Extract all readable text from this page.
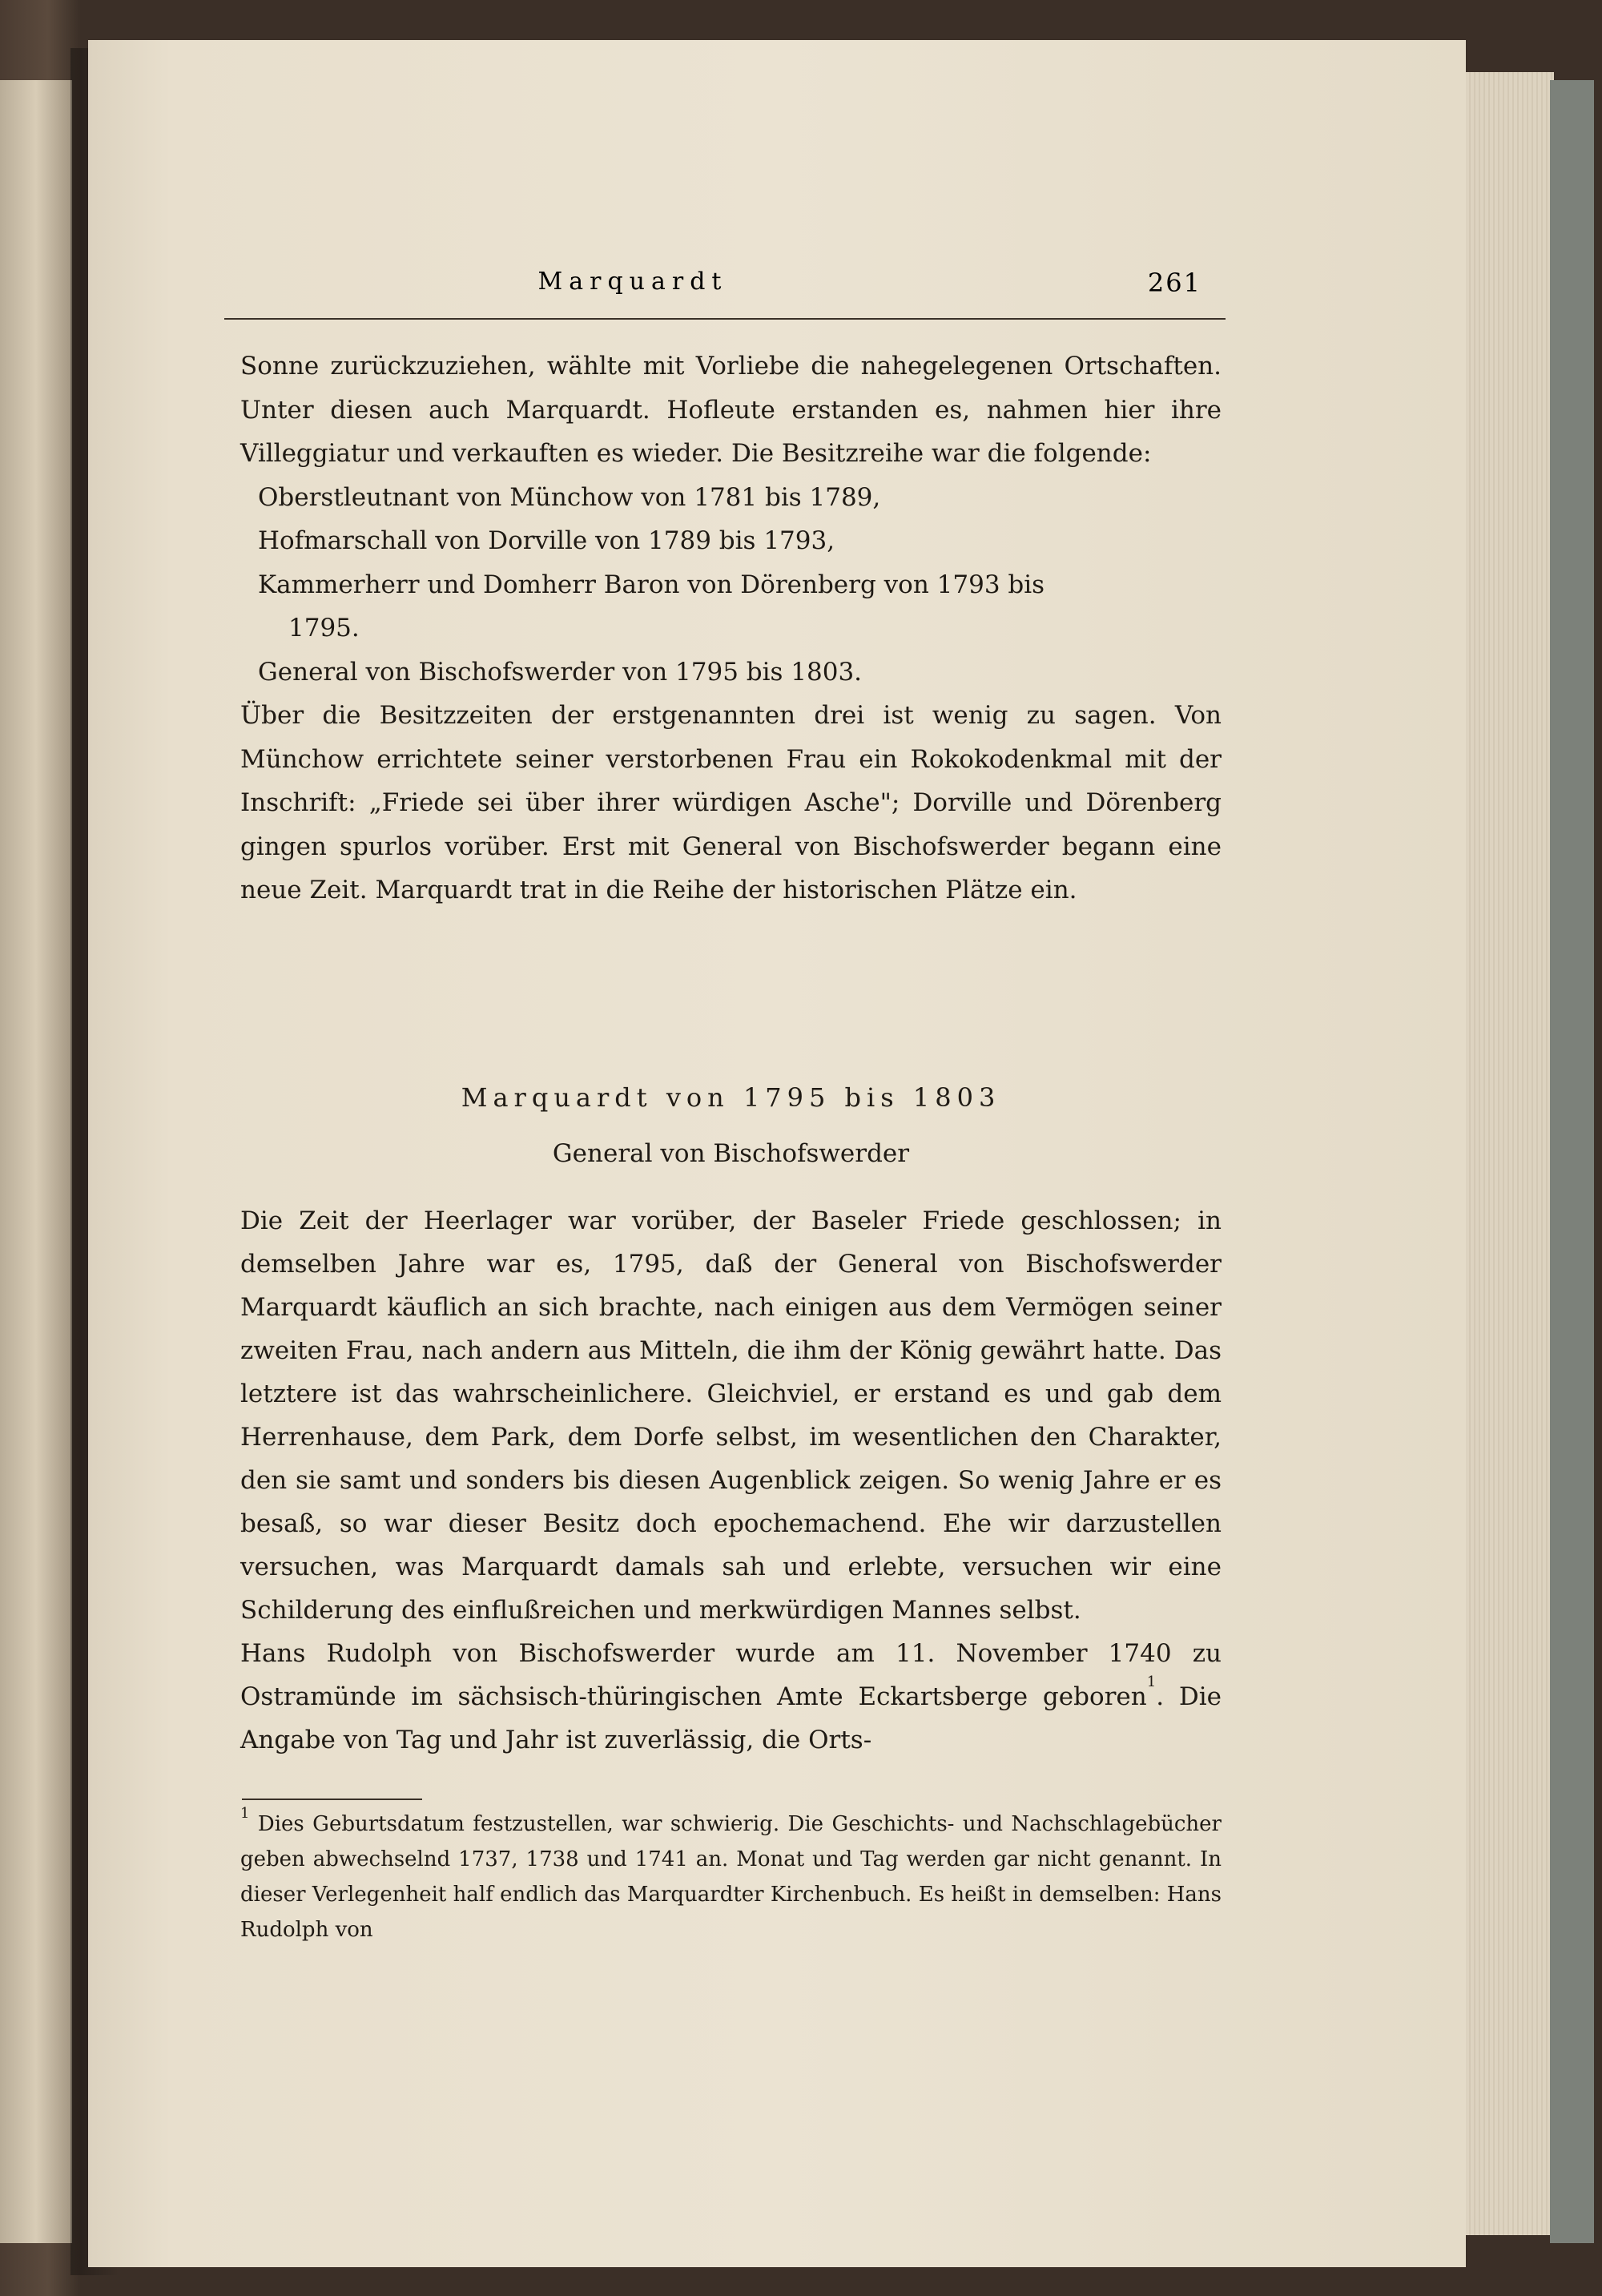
Marquardt	261

Sonne zurückzuziehen, wählte mit Vorliebe die nahegelegenen Ortschaften. Unter diesen auch Marquardt. Hofleute erstanden es, nahmen hier ihre Villeggiatur und verkauften es wieder. Die Besitzreihe war die folgende:

Oberstleutnant von Münchow von 1781 bis 1789,

Hofmarschall von Dorville von 1789 bis 1793,

Kammerherr und Domherr Baron von Dörenberg von 1793 bis

1795.

General von Bischofswerder von 1795 bis 1803.

Über die Besitzzeiten der erstgenannten drei ist wenig zu sagen. Von Münchow errichtete seiner verstorbenen Frau ein Rokokodenkmal mit der Inschrift: „Friede sei über ihrer würdigen Asche"; Dorville und Dörenberg gingen spurlos vorüber. Erst mit General von Bischofswerder begann eine neue Zeit. Marquardt trat in die Reihe der historischen Plätze ein.

Marquardt von 1795 bis 1803
General von Bischofswerder

Die Zeit der Heerlager war vorüber, der Baseler Friede geschlossen; in demselben Jahre war es, 1795, daß der General von Bischofswerder Marquardt käuflich an sich brachte, nach einigen aus dem Vermögen seiner zweiten Frau, nach andern aus Mitteln, die ihm der König gewährt hatte. Das letztere ist das wahrscheinlichere. Gleichviel, er erstand es und gab dem Herrenhause, dem Park, dem Dorfe selbst, im wesentlichen den Charakter, den sie samt und sonders bis diesen Augenblick zeigen. So wenig Jahre er es besaß, so war dieser Besitz doch epochemachend. Ehe wir darzustellen versuchen, was Marquardt damals sah und erlebte, versuchen wir eine Schilderung des einflußreichen und merkwürdigen Mannes selbst.

Hans Rudolph von Bischofswerder wurde am 11. November 1740 zu Ostramünde im sächsisch-thüringischen Amte Eckartsberge geboren$^1$. Die Angabe von Tag und Jahr ist zuverlässig, die Orts-

$^1$ Dies Geburtsdatum festzustellen, war schwierig. Die Geschichts- und Nachschlagebücher geben abwechselnd 1737, 1738 und 1741 an. Monat und Tag werden gar nicht genannt. In dieser Verlegenheit half endlich das Marquardter Kirchenbuch. Es heißt in demselben: Hans Rudolph von
